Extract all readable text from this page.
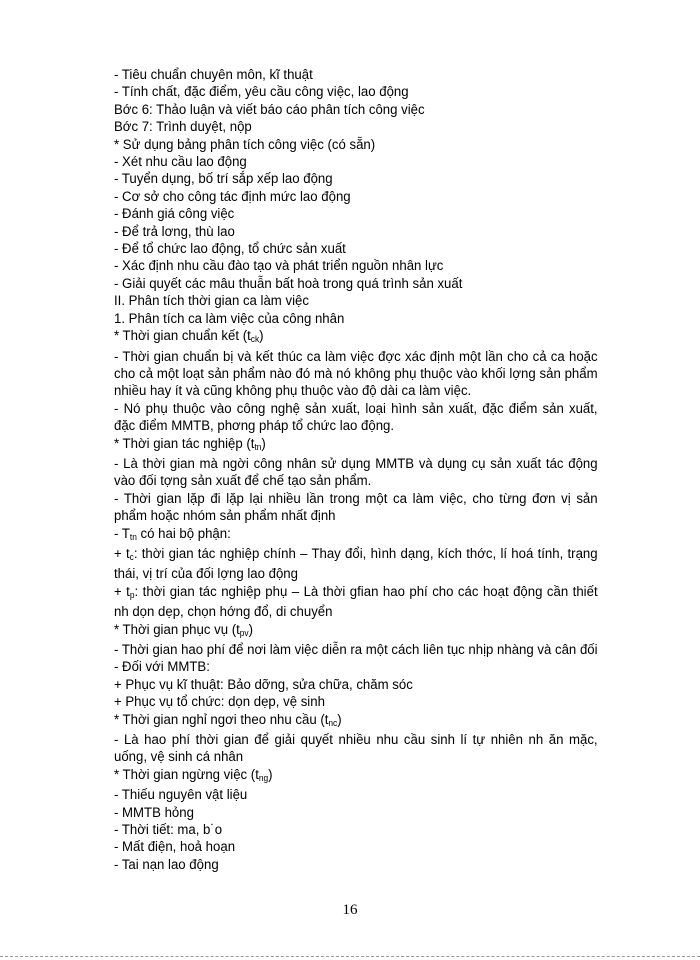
- Tiêu chuẩn chuyên môn, kĩ thuật

- Tính chất, đặc điểm, yêu cầu công việc, lao động

Bớc 6: Thảo luận và viết báo cáo phân tích công việc

Bớc 7: Trình duyệt, nộp

* Sử dụng bảng phân tích công việc (có sẵn)

- Xét nhu cầu lao động

- Tuyển dụng, bố trí sắp xếp lao động

- Cơ sở cho công tác định mức lao động

- Đánh giá công việc

- Để trả lơng, thù lao

- Để tổ chức lao động, tổ chức sản xuất

- Xác định nhu cầu đào tạo và phát triển nguồn nhân lực

- Giải quyết các mâu thuẫn bất hoà trong quá trình sản xuất

II. Phân tích thời gian ca làm việc

1. Phân tích ca làm việc của công nhân

* Thời gian chuẩn kết $(t_{ck})$

- Thời gian chuẩn bị và kết thúc ca làm việc đợc xác định một lần cho cả ca hoặc cho cả một loạt sản phẩm nào đó mà nó không phụ thuộc vào khối lợng sản phẩm nhiều hay ít và cũng không phụ thuộc vào độ dài ca làm việc.

- Nó phụ thuộc vào công nghệ sản xuất, loại hình sản xuất, đặc điểm sản xuất, đặc điểm MMTB, phơng pháp tổ chức lao động.

* Thời gian tác nghiệp $(t_{tn})$

- Là thời gian mà ngời công nhân sử dụng MMTB và dụng cụ sản xuất tác động vào đối tợng sản xuất để chế tạo sản phẩm.

- Thời gian lặp đi lặp lại nhiều lần trong một ca làm việc, cho từng đơn vị sản phẩm hoặc nhóm sản phẩm nhất định

- $T_{tn}$ có hai bộ phận:

+ $t_c$: thời gian tác nghiệp chính – Thay đổi, hình dạng, kích thớc, lí hoá tính, trạng thái, vị trí của đối lợng lao động

+ $t_p$: thời gian tác nghiệp phụ – Là thời gfian hao phí cho các hoạt động cần thiết nh dọn dẹp, chọn hớng đổ, di chuyển

* Thời gian phục vụ $(t_{pv})$

- Thời gian hao phí để nơi làm việc diễn ra một cách liên tục nhịp nhàng và cân đối

- Đối với MMTB:

+ Phục vụ kĩ thuật: Bảo dỡng, sửa chữa, chăm sóc

+ Phục vụ tổ chức: dọn dẹp, vệ sinh

* Thời gian nghỉ ngơi theo nhu cầu $(t_{nc})$

- Là hao phí thời gian để giải quyết nhiều nhu cầu sinh lí tự nhiên nh ăn mặc, uống, vệ sinh cá nhân

* Thời gian ngừng việc $(t_{ng})$

- Thiếu nguyên vật liệu

- MMTB hỏng

- Thời tiết: ma, b˙o

- Mất điện, hoả hoạn

- Tai nạn lao động

16
